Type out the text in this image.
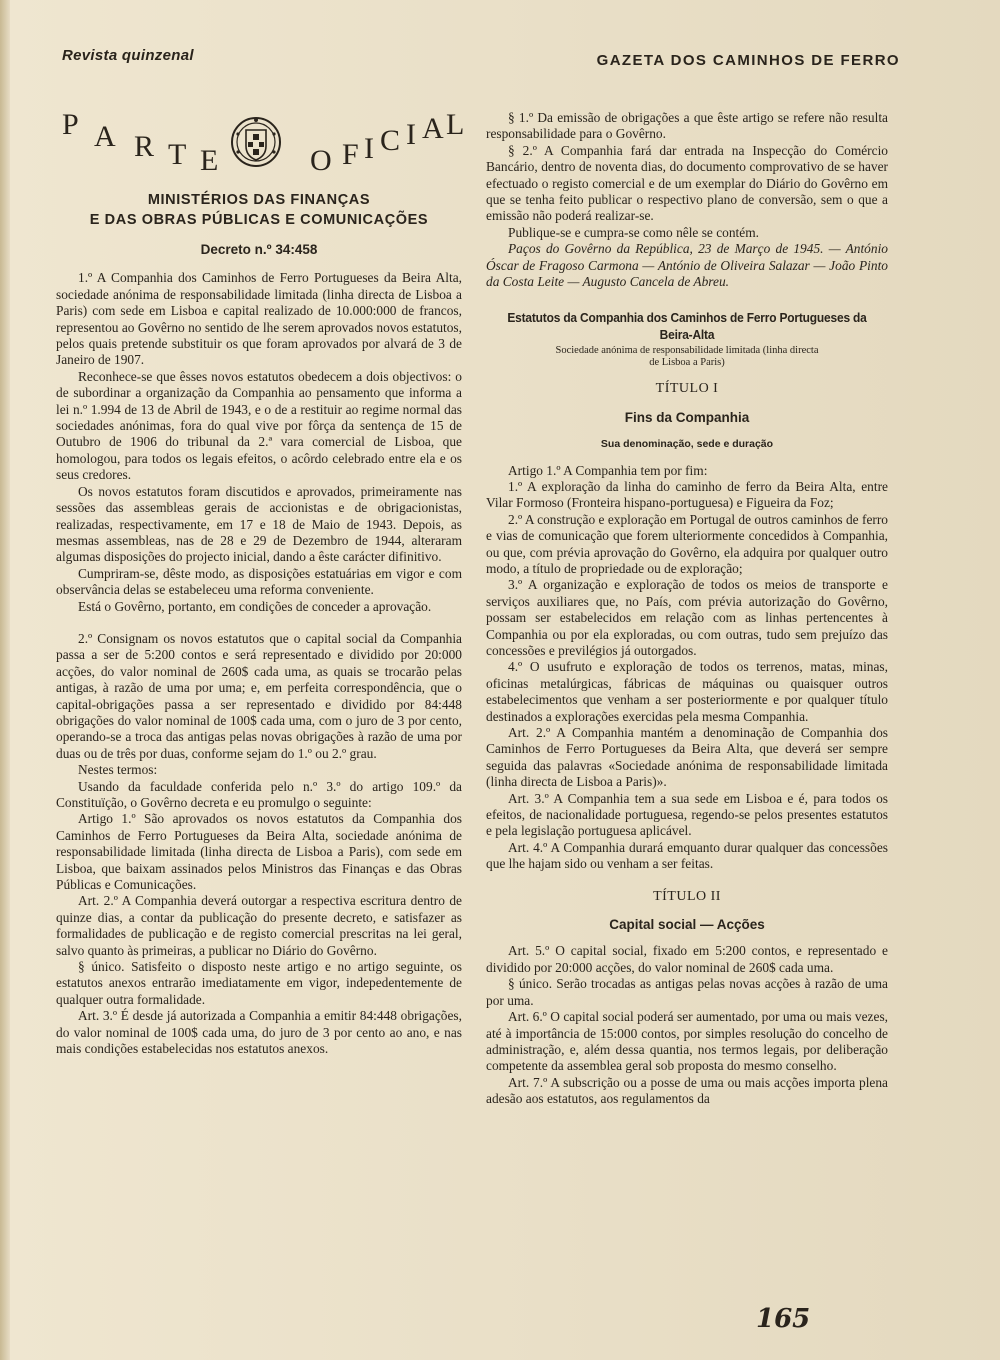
Revista quinzenal	GAZETA DOS CAMINHOS DE FERRO
P A R T E	O F I C I A L
MINISTÉRIOS DAS FINANÇAS
E DAS OBRAS PÚBLICAS E COMUNICAÇÕES
Decreto n.º 34:458

1.º A Companhia dos Caminhos de Ferro Portugueses da Beira Alta, sociedade anónima de responsabilidade limitada (linha directa de Lisboa a Paris) com sede em Lisboa e capital realizado de 10.000:000 de francos, representou ao Govêrno no sentido de lhe serem aprovados novos estatutos, pelos quais pretende substituir os que foram aprovados por alvará de 3 de Janeiro de 1907.

Reconhece-se que êsses novos estatutos obedecem a dois objectivos: o de subordinar a organização da Companhia ao pensamento que informa a lei n.º 1.994 de 13 de Abril de 1943, e o de a restituir ao regime normal das sociedades anónimas, fora do qual vive por fôrça da sentença de 15 de Outubro de 1906 do tribunal da 2.ª vara comercial de Lisboa, que homologou, para todos os legais efeitos, o acôrdo celebrado entre ela e os seus credores.

Os novos estatutos foram discutidos e aprovados, primeiramente nas sessões das assembleas gerais de accionistas e de obrigacionistas, realizadas, respectivamente, em 17 e 18 de Maio de 1943. Depois, as mesmas assembleas, nas de 28 e 29 de Dezembro de 1944, alteraram algumas disposições do projecto inicial, dando a êste carácter difinitivo.

Cumpriram-se, dêste modo, as disposições estatuárias em vigor e com observância delas se estabeleceu uma reforma conveniente.

Está o Govêrno, portanto, em condições de conceder a aprovação.

2.º Consignam os novos estatutos que o capital social da Companhia passa a ser de 5:200 contos e será representado e dividido por 20:000 acções, do valor nominal de 260$ cada uma, as quais se trocarão pelas antigas, à razão de uma por uma; e, em perfeita correspondência, que o capital-obrigações passa a ser representado e dividido por 84:448 obrigações do valor nominal de 100$ cada uma, com o juro de 3 por cento, operando-se a troca das antigas pelas novas obrigações à razão de uma por duas ou de três por duas, conforme sejam do 1.º ou 2.º grau.

Nestes termos:

Usando da faculdade conferida pelo n.º 3.º do artigo 109.º da Constituïção, o Govêrno decreta e eu promulgo o seguinte:

Artigo 1.º São aprovados os novos estatutos da Companhia dos Caminhos de Ferro Portugueses da Beira Alta, sociedade anónima de responsabilidade limitada (linha directa de Lisboa a Paris), com sede em Lisboa, que baixam assinados pelos Ministros das Finanças e das Obras Públicas e Comunicações.

Art. 2.º A Companhia deverá outorgar a respectiva escritura dentro de quinze dias, a contar da publicação do presente decreto, e satisfazer as formalidades de publicação e de registo comercial prescritas na lei geral, salvo quanto às primeiras, a publicar no Diário do Govêrno.

§ único. Satisfeito o disposto neste artigo e no artigo seguinte, os estatutos anexos entrarão imediatamente em vigor, indepedentemente de qualquer outra formalidade.

Art. 3.º É desde já autorizada a Companhia a emitir 84:448 obrigações, do valor nominal de 100$ cada uma, do juro de 3 por cento ao ano, e nas mais condições estabelecidas nos estatutos anexos.

§ 1.º Da emissão de obrigações a que êste artigo se refere não resulta responsabilidade para o Govêrno.

§ 2.º A Companhia fará dar entrada na Inspecção do Comércio Bancário, dentro de noventa dias, do documento comprovativo de se haver efectuado o registo comercial e de um exemplar do Diário do Govêrno em que se tenha feito publicar o respectivo plano de conversão, sem o que a emissão não poderá realizar-se.

Publique-se e cumpra-se como nêle se contém.

Paços do Govêrno da República, 23 de Março de 1945. — António Óscar de Fragoso Carmona — António de Oliveira Salazar — João Pinto da Costa Leite — Augusto Cancela de Abreu.

Estatutos da Companhia dos Caminhos de Ferro Portugueses da Beira-Alta
Sociedade anónima de responsabilidade limitada (linha directa
de Lisboa a Paris)
TÍTULO I
Fins da Companhia
Sua denominação, sede e duração

Artigo 1.º A Companhia tem por fim:

1.º A exploração da linha do caminho de ferro da Beira Alta, entre Vilar Formoso (Fronteira hispano-portuguesa) e Figueira da Foz;

2.º A construção e exploração em Portugal de outros caminhos de ferro e vias de comunicação que forem ulteriormente concedidos à Companhia, ou que, com prévia aprovação do Govêrno, ela adquira por qualquer outro modo, a título de propriedade ou de exploração;

3.º A organização e exploração de todos os meios de transporte e serviços auxiliares que, no País, com prévia autorização do Govêrno, possam ser estabelecidos em relação com as linhas pertencentes à Companhia ou por ela exploradas, ou com outras, tudo sem prejuízo das concessões e previlégios já outorgados.

4.º O usufruto e exploração de todos os terrenos, matas, minas, oficinas metalúrgicas, fábricas de máquinas ou quaisquer outros estabelecimentos que venham a ser posteriormente e por qualquer título destinados a explorações exercidas pela mesma Companhia.

Art. 2.º A Companhia mantém a denominação de Companhia dos Caminhos de Ferro Portugueses da Beira Alta, que deverá ser sempre seguida das palavras «Sociedade anónima de responsabilidade limitada (linha directa de Lisboa a Paris)».

Art. 3.º A Companhia tem a sua sede em Lisboa e é, para todos os efeitos, de nacionalidade portuguesa, regendo-se pelos presentes estatutos e pela legislação portuguesa aplicável.

Art. 4.º A Companhia durará emquanto durar qualquer das concessões que lhe hajam sido ou venham a ser feitas.

TÍTULO II
Capital social — Acções

Art. 5.º O capital social, fixado em 5:200 contos, e representado e dividido por 20:000 acções, do valor nominal de 260$ cada uma.

§ único. Serão trocadas as antigas pelas novas acções à razão de uma por uma.

Art. 6.º O capital social poderá ser aumentado, por uma ou mais vezes, até à importância de 15:000 contos, por simples resolução do concelho de administração, e, além dessa quantia, nos termos legais, por deliberação competente da assemblea geral sob proposta do mesmo conselho.

Art. 7.º A subscrição ou a posse de uma ou mais acções importa plena adesão aos estatutos, aos regulamentos da

165
